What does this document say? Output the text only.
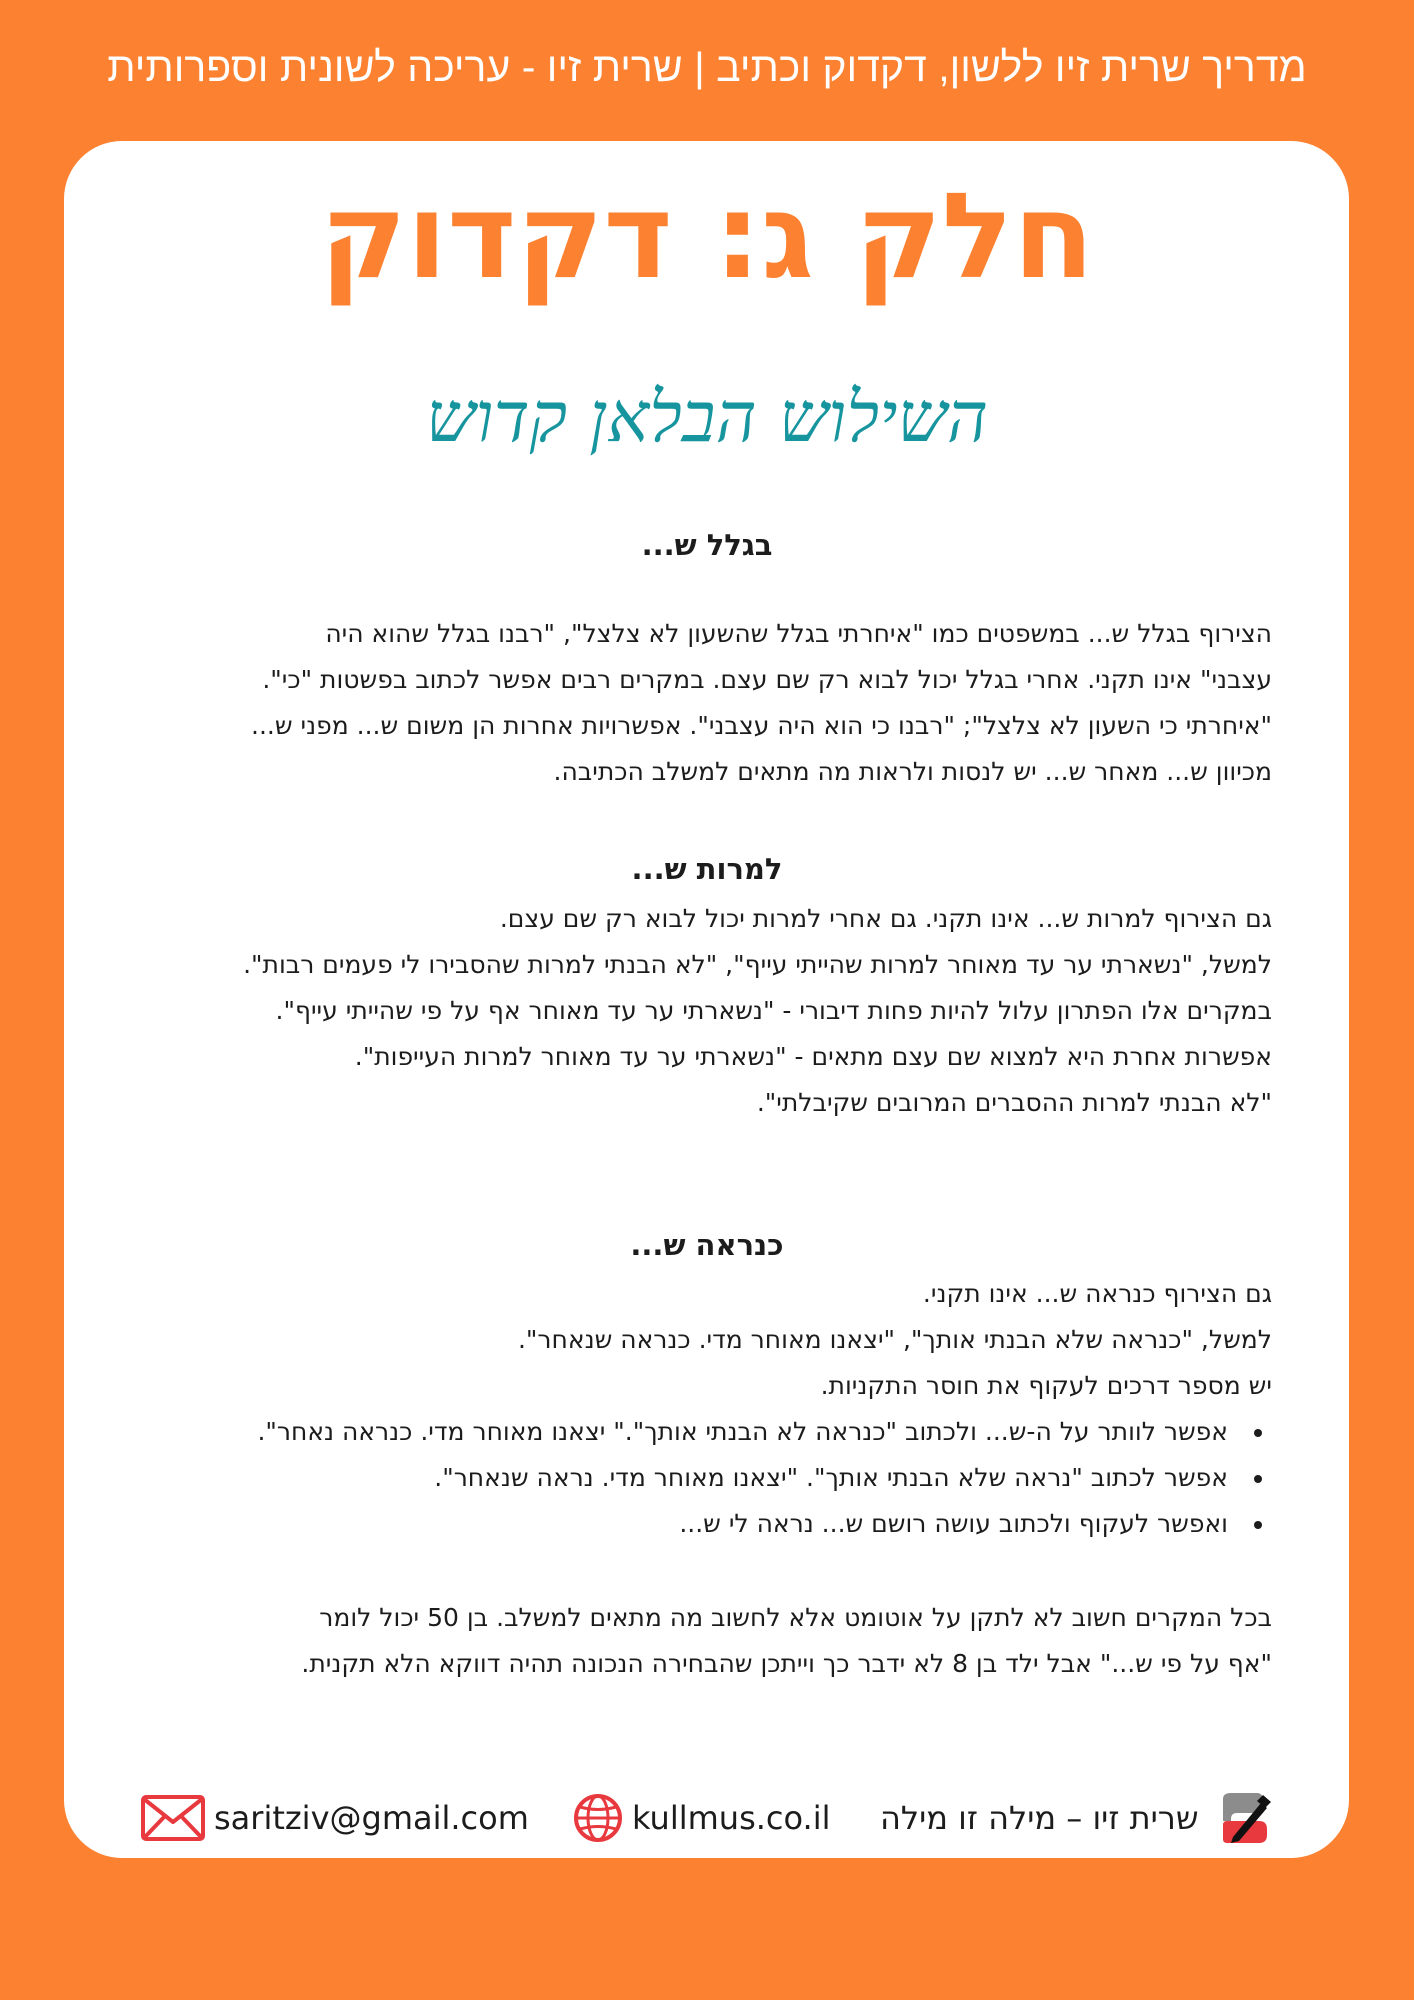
מדריך שרית זיו ללשון, דקדוק וכתיב | שרית זיו - עריכה לשונית וספרותית
חלק ג: דקדוק
השילוש הבלאן קדוש
בגלל ש...
הצירוף בגלל ש... במשפטים כמו "איחרתי בגלל שהשעון לא צלצל", "רבנו בגלל שהוא היה
עצבני" אינו תקני. אחרי בגלל יכול לבוא רק שם עצם. במקרים רבים אפשר לכתוב בפשטות "כי".
"איחרתי כי השעון לא צלצל"; "רבנו כי הוא היה עצבני". אפשרויות אחרות הן משום ש... מפני ש...
מכיוון ש... מאחר ש... יש לנסות ולראות מה מתאים למשלב הכתיבה.
למרות ש...
גם הצירוף למרות ש... אינו תקני. גם אחרי למרות יכול לבוא רק שם עצם.
למשל, "נשארתי ער עד מאוחר למרות שהייתי עייף", "לא הבנתי למרות שהסבירו לי פעמים רבות".
במקרים אלו הפתרון עלול להיות פחות דיבורי - "נשארתי ער עד מאוחר אף על פי שהייתי עייף".
אפשרות אחרת היא למצוא שם עצם מתאים - "נשארתי ער עד מאוחר למרות העייפות".
"לא הבנתי למרות ההסברים המרובים שקיבלתי".
כנראה ש...
גם הצירוף כנראה ש... אינו תקני.
למשל, "כנראה שלא הבנתי אותך", "יצאנו מאוחר מדי. כנראה שנאחר".
יש מספר דרכים לעקוף את חוסר התקניות.
אפשר לוותר על ה-ש... ולכתוב "כנראה לא הבנתי אותך"." יצאנו מאוחר מדי. כנראה נאחר".
אפשר לכתוב "נראה שלא הבנתי אותך". "יצאנו מאוחר מדי. נראה שנאחר".
ואפשר לעקוף ולכתוב עושה רושם ש... נראה לי ש...
בכל המקרים חשוב לא לתקן על אוטומט אלא לחשוב מה מתאים למשלב. בן 50 יכול לומר
"אף על פי ש..." אבל ילד בן 8 לא ידבר כך וייתכן שהבחירה הנכונה תהיה דווקא הלא תקנית.
saritziv@gmail.com	kullmus.co.il שרית זיו – מילה זו מילה
